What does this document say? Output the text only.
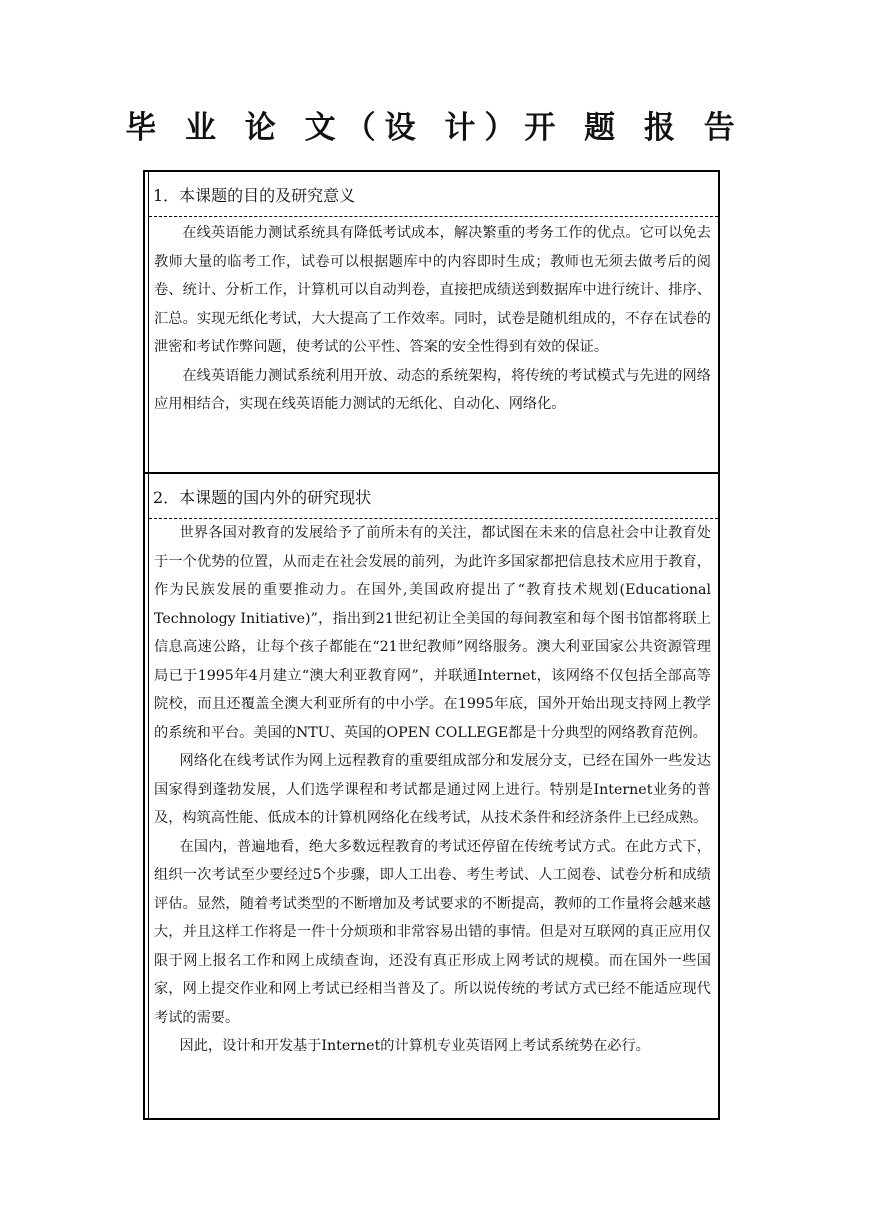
毕 业 论 文（设 计）开 题 报 告
1．本课题的目的及研究意义

在线英语能力测试系统具有降低考试成本，解决繁重的考务工作的优点。它可以免去教师大量的临考工作，试卷可以根据题库中的内容即时生成；教师也无须去做考后的阅卷、统计、分析工作，计算机可以自动判卷，直接把成绩送到数据库中进行统计、排序、汇总。实现无纸化考试，大大提高了工作效率。同时，试卷是随机组成的，不存在试卷的泄密和考试作弊问题，使考试的公平性、答案的安全性得到有效的保证。

在线英语能力测试系统利用开放、动态的系统架构，将传统的考试模式与先进的网络应用相结合，实现在线英语能力测试的无纸化、自动化、网络化。

2．本课题的国内外的研究现状

世界各国对教育的发展给予了前所未有的关注，都试图在未来的信息社会中让教育处于一个优势的位置，从而走在社会发展的前列，为此许多国家都把信息技术应用于教育，作为民族发展的重要推动力。在国外,美国政府提出了“教育技术规划(Educational Technology Initiative)”，指出到21世纪初让全美国的每间教室和每个图书馆都将联上信息高速公路，让每个孩子都能在“21世纪教师”网络服务。澳大利亚国家公共资源管理局已于1995年4月建立“澳大利亚教育网”，并联通Internet，该网络不仅包括全部高等院校，而且还覆盖全澳大利亚所有的中小学。在1995年底，国外开始出现支持网上教学的系统和平台。美国的NTU、英国的OPEN COLLEGE都是十分典型的网络教育范例。

网络化在线考试作为网上远程教育的重要组成部分和发展分支，已经在国外一些发达国家得到蓬勃发展，人们选学课程和考试都是通过网上进行。特别是Internet业务的普及，构筑高性能、低成本的计算机网络化在线考试，从技术条件和经济条件上已经成熟。

在国内，普遍地看，绝大多数远程教育的考试还停留在传统考试方式。在此方式下，组织一次考试至少要经过5个步骤，即人工出卷、考生考试、人工阅卷、试卷分析和成绩评估。显然，随着考试类型的不断增加及考试要求的不断提高，教师的工作量将会越来越大，并且这样工作将是一件十分烦琐和非常容易出错的事情。但是对互联网的真正应用仅限于网上报名工作和网上成绩查询，还没有真正形成上网考试的规模。而在国外一些国家，网上提交作业和网上考试已经相当普及了。所以说传统的考试方式已经不能适应现代考试的需要。

因此，设计和开发基于Internet的计算机专业英语网上考试系统势在必行。
